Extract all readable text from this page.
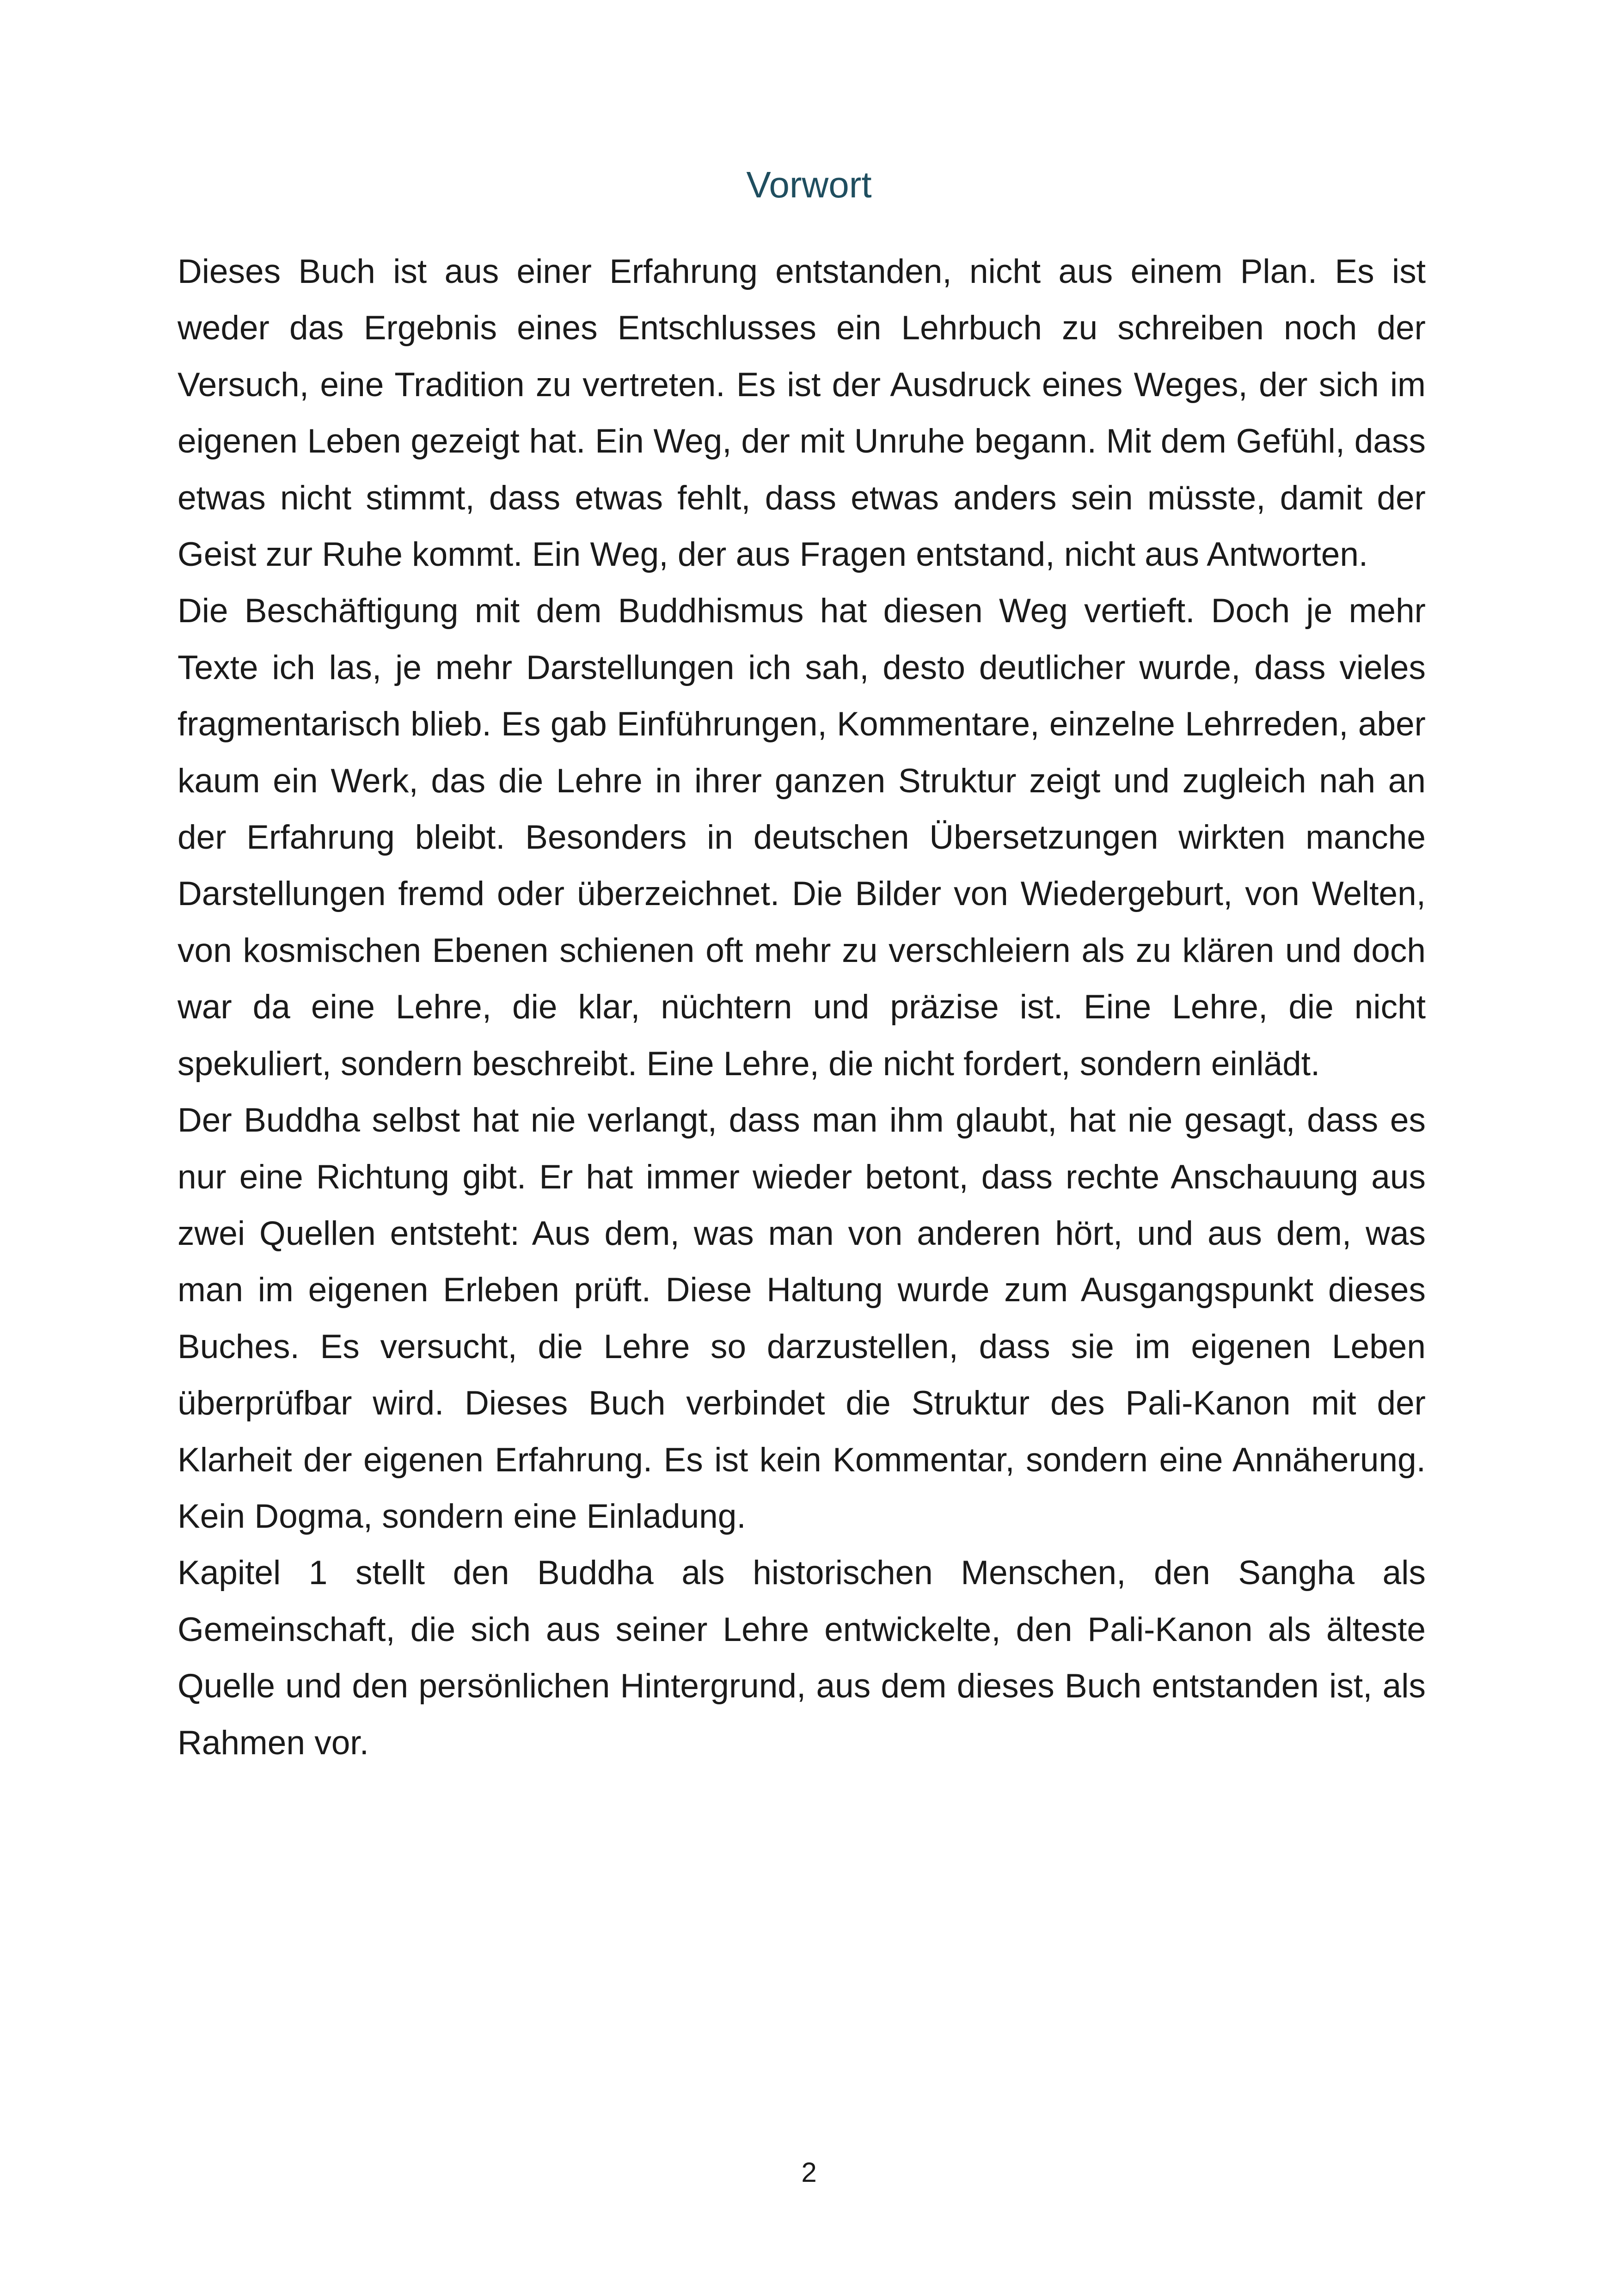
Vorwort

Dieses Buch ist aus einer Erfahrung entstanden, nicht aus einem Plan. Es ist weder das Ergebnis eines Entschlusses ein Lehrbuch zu schreiben noch der Versuch, eine Tradition zu vertreten. Es ist der Ausdruck eines Weges, der sich im eigenen Leben gezeigt hat. Ein Weg, der mit Unruhe begann. Mit dem Gefühl, dass etwas nicht stimmt, dass etwas fehlt, dass etwas anders sein müsste, damit der Geist zur Ruhe kommt. Ein Weg, der aus Fragen entstand, nicht aus Antworten.

Die Beschäftigung mit dem Buddhismus hat diesen Weg vertieft. Doch je mehr Texte ich las, je mehr Darstellungen ich sah, desto deutlicher wurde, dass vieles fragmentarisch blieb. Es gab Einführungen, Kommentare, einzelne Lehrreden, aber kaum ein Werk, das die Lehre in ihrer ganzen Struktur zeigt und zugleich nah an der Erfahrung bleibt. Besonders in deutschen Übersetzungen wirkten manche Darstellungen fremd oder überzeichnet. Die Bilder von Wiedergeburt, von Welten, von kosmischen Ebenen schienen oft mehr zu verschleiern als zu klären und doch war da eine Lehre, die klar, nüchtern und präzise ist. Eine Lehre, die nicht spekuliert, sondern beschreibt. Eine Lehre, die nicht fordert, sondern einlädt.

Der Buddha selbst hat nie verlangt, dass man ihm glaubt, hat nie gesagt, dass es nur eine Richtung gibt. Er hat immer wieder betont, dass rechte Anschauung aus zwei Quellen entsteht: Aus dem, was man von anderen hört, und aus dem, was man im eigenen Erleben prüft. Diese Haltung wurde zum Ausgangspunkt dieses Buches. Es versucht, die Lehre so darzustellen, dass sie im eigenen Leben überprüfbar wird. Dieses Buch verbindet die Struktur des Pali-Kanon mit der Klarheit der eigenen Erfahrung. Es ist kein Kommentar, sondern eine Annäherung. Kein Dogma, sondern eine Einladung.

Kapitel 1 stellt den Buddha als historischen Menschen, den Sangha als Gemeinschaft, die sich aus seiner Lehre entwickelte, den Pali-Kanon als älteste Quelle und den persönlichen Hintergrund, aus dem dieses Buch entstanden ist, als Rahmen vor.

2
